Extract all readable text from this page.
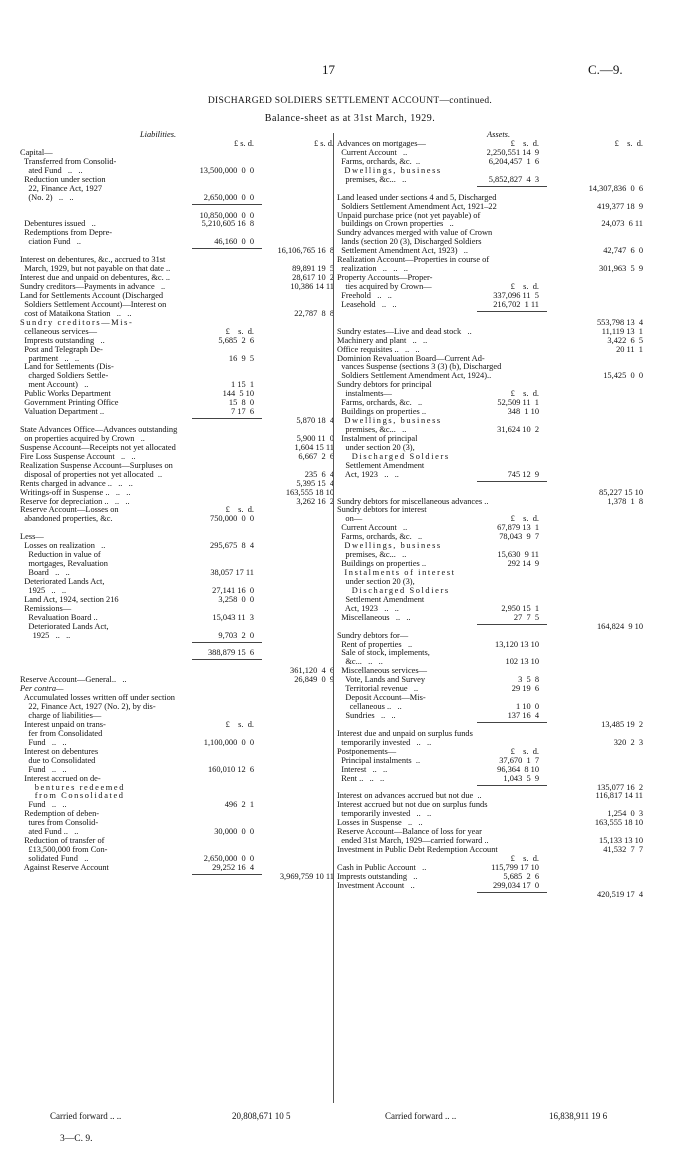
17	C.—9.
DISCHARGED SOLDIERS SETTLEMENT ACCOUNT—continued.
Balance-sheet as at 31st March, 1929.
Liabilities.
£ s. d.	£ s. d.
Capital—
Transferred from Consolid-
ated Fund   ..   ..	13,500,000  0  0
Reduction under section
22, Finance Act, 1927
(No. 2)   ..   ..	2,650,000  0  0
10,850,000  0  0
Debentures issued   ..	5,210,605 16  8
Redemptions from Depre-
ciation Fund   ..	46,160  0  0
16,106,765 16  8
Interest on debentures, &c., accrued to 31st
March, 1929, but not payable on that date ..	89,891 19  5
Interest due and unpaid on debentures, &c. ..	28,617 10  2
Sundry creditors—Payments in advance   ..	10,386 14 11
Land for Settlements Account (Discharged
Soldiers Settlement Account)—Interest on
cost of Mataikona Station   ..   ..	22,787  8  8
Sundry creditors—Mis-
cellaneous services—	£    s.  d.
Imprests outstanding   ..	5,685  2  6
Post and Telegraph De-
partment   ..   ..	16  9  5
Land for Settlements (Dis-
charged Soldiers Settle-
ment Account)   ..	1 15  1
Public Works Department	144  5 10
Government Printing Office	15  8  0
Valuation Department ..	7 17  6
5,870 18  4
State Advances Office—Advances outstanding
on properties acquired by Crown   ..	5,900 11  0
Suspense Account—Receipts not yet allocated	1,604 15 11
Fire Loss Suspense Account   ..   ..	6,667  2  6
Realization Suspense Account—Surpluses on
disposal of properties not yet allocated  ..	235  6  4
Rents charged in advance ..   ..   ..	5,395 15  4
Writings-off in Suspense ..   ..   ..	163,555 18 10
Reserve for depreciation ..   ..   ..	3,262 16  2
Reserve Account—Losses on	£    s.  d.
abandoned properties, &c.	750,000  0  0
Less—
Losses on realization   ..	295,675  8  4
Reduction in value of
mortgages, Revaluation
Board   ..   ..	38,057 17 11
Deteriorated Lands Act,
1925   ..   ..	27,141 16  0
Land Act, 1924, section 216	3,258  0  0
Remissions—
Revaluation Board ..	15,043 11  3
Deteriorated Lands Act,
1925   ..   ..	9,703  2  0
388,879 15  6
361,120  4  6
Reserve Account—General..   ..	26,849  0  9
Per contra—
Accumulated losses written off under section
22, Finance Act, 1927 (No. 2), by dis-
charge of liabilities—
Interest unpaid on trans-	£    s.  d.
fer from Consolidated
Fund   ..   ..	1,100,000  0  0
Interest on debentures
due to Consolidated
Fund   ..   ..	160,010 12  6
Interest accrued on de-
bentures redeemed
from Consolidated
Fund   ..   ..	496  2  1
Redemption of deben-
tures from Consolid-
ated Fund ..   ..	30,000  0  0
Reduction of transfer of
£13,500,000 from Con-
solidated Fund   ..	2,650,000  0  0
Against Reserve Account	29,252 16  4
3,969,759 10 11
Assets.
Advances on mortgages—	£    s.  d.	£    s.  d.
Current Account   ..	2,250,551 14  9
Farms, orchards, &c.  ..	6,204,457  1  6
Dwellings, business
premises, &c...   ..	5,852,827  4  3
14,307,836  0  6
Land leased under sections 4 and 5, Discharged
Soldiers Settlement Amendment Act, 1921–22	419,377 18  9
Unpaid purchase price (not yet payable) of
buildings on Crown properties   ..	24,073  6 11
Sundry advances merged with value of Crown
lands (section 20 (3), Discharged Soldiers
Settlement Amendment Act, 1923)   ..	42,747  6  0
Realization Account—Properties in course of
realization   ..   ..   ..	301,963  5  9
Property Accounts—Proper-
ties acquired by Crown—	£    s.  d.
Freehold   ..   ..	337,096 11  5
Leasehold   ..   ..	216,702  1 11
553,798 13  4
Sundry estates—Live and dead stock   ..	11,119 13  1
Machinery and plant   ..   ..	3,422  6  5
Office requisites ..   ..   ..	20 11  1
Dominion Revaluation Board—Current Ad-
vances Suspense (sections 3 (3) (b), Discharged
Soldiers Settlement Amendment Act, 1924)..	15,425  0  0
Sundry debtors for principal
instalments—	£    s.  d.
Farms, orchards, &c.   ..	52,509 11  1
Buildings on properties ..	348  1 10
Dwellings, business
premises, &c...   ..	31,624 10  2
Instalment of principal
under section 20 (3),
Discharged Soldiers
Settlement Amendment
Act, 1923   ..   ..	745 12  9
85,227 15 10
Sundry debtors for miscellaneous advances ..	1,378  1  8
Sundry debtors for interest
on—	£    s.  d.
Current Account   ..	67,879 13  1
Farms, orchards, &c.   ..	78,043  9  7
Dwellings, business
premises, &c...   ..	15,630  9 11
Buildings on properties ..	292 14  9
Instalments of interest
under section 20 (3),
Discharged Soldiers
Settlement Amendment
Act, 1923   ..   ..	2,950 15  1
Miscellaneous   ..   ..	27  7  5
164,824  9 10
Sundry debtors for—
Rent of properties   ..	13,120 13 10
Sale of stock, implements,
&c...   ..   ..	102 13 10
Miscellaneous services—
Vote, Lands and Survey	3  5  8
Territorial revenue   ..	29 19  6
Deposit Account—Mis-
cellaneous ..   ..	1 10  0
Sundries   ..   ..	137 16  4
13,485 19  2
Interest due and unpaid on surplus funds
temporarily invested   ..   ..	320  2  3
Postponements—	£    s.  d.
Principal instalments  ..	37,670  1  7
Interest   ..   ..	96,364  8 10
Rent ..   ..   ..	1,043  5  9
135,077 16  2
Interest on advances accrued but not due  ..	116,817 14 11
Interest accrued but not due on surplus funds
temporarily invested   ..   ..	1,254  0  3
Losses in Suspense   ..   ..	163,555 18 10
Reserve Account—Balance of loss for year
ended 31st March, 1929—carried forward ..	15,133 13 10
Investment in Public Debt Redemption Account	41,532  7  7
£    s.  d.
Cash in Public Account   ..	115,799 17 10
Imprests outstanding   ..	5,685  2  6
Investment Account   ..	299,034 17  0
420,519 17  4
Carried forward .. ..	20,808,671 10 5	Carried forward .. ..	16,838,911 19 6
3—C. 9.
